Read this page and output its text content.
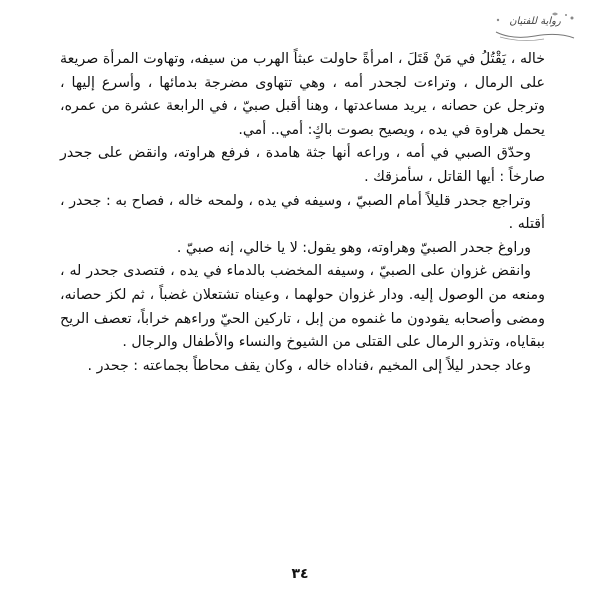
رواية للفتيان

خاله ، يَقْتُلُ في مَنْ قَتَلَ ، امرأةً حاولت عبثاً الهرب من سيفه، وتهاوت المرأة صريعة على الرمال ، وتراءت لجحدر أمه ، وهي تتهاوى مضرجة بدمائها ، وأسرع إليها ، وترجل عن حصانه ، يريد مساعدتها ، وهنا أقبل صبيّ ، في الرابعة عشرة من عمره، يحمل هراوة في يده ، ويصيح بصوت باكٍ: أمي.. أمي.

وحدّق الصبي في أمه ، وراعه أنها جثة هامدة ، فرفع هراوته، وانقض على جحدر صارخاً : أيها القاتل ، سأمزقك .

وتراجع جحدر قليلاً أمام الصبيّ ، وسيفه في يده ، ولمحه خاله ، فصاح به : جحدر ، أقتله .

وراوغ جحدر الصبيّ وهراوته، وهو يقول: لا يا خالي، إنه صبيّ .

وانقض غزوان على الصبيّ ، وسيفه المخضب بالدماء في يده ، فتصدى جحدر له ، ومنعه من الوصول إليه. ودار غزوان حولهما ، وعيناه تشتعلان غضباً ، ثم لكز حصانه، ومضى وأصحابه يقودون ما غنموه من إبل ، تاركين الحيّ وراءهم خراباً، تعصف الريح ببقاياه، وتذرو الرمال على القتلى من الشيوخ والنساء والأطفال والرجال .

وعاد جحدر ليلاً إلى المخيم ،فناداه خاله ، وكان يقف محاطاً بجماعته : جحدر .

٣٤
